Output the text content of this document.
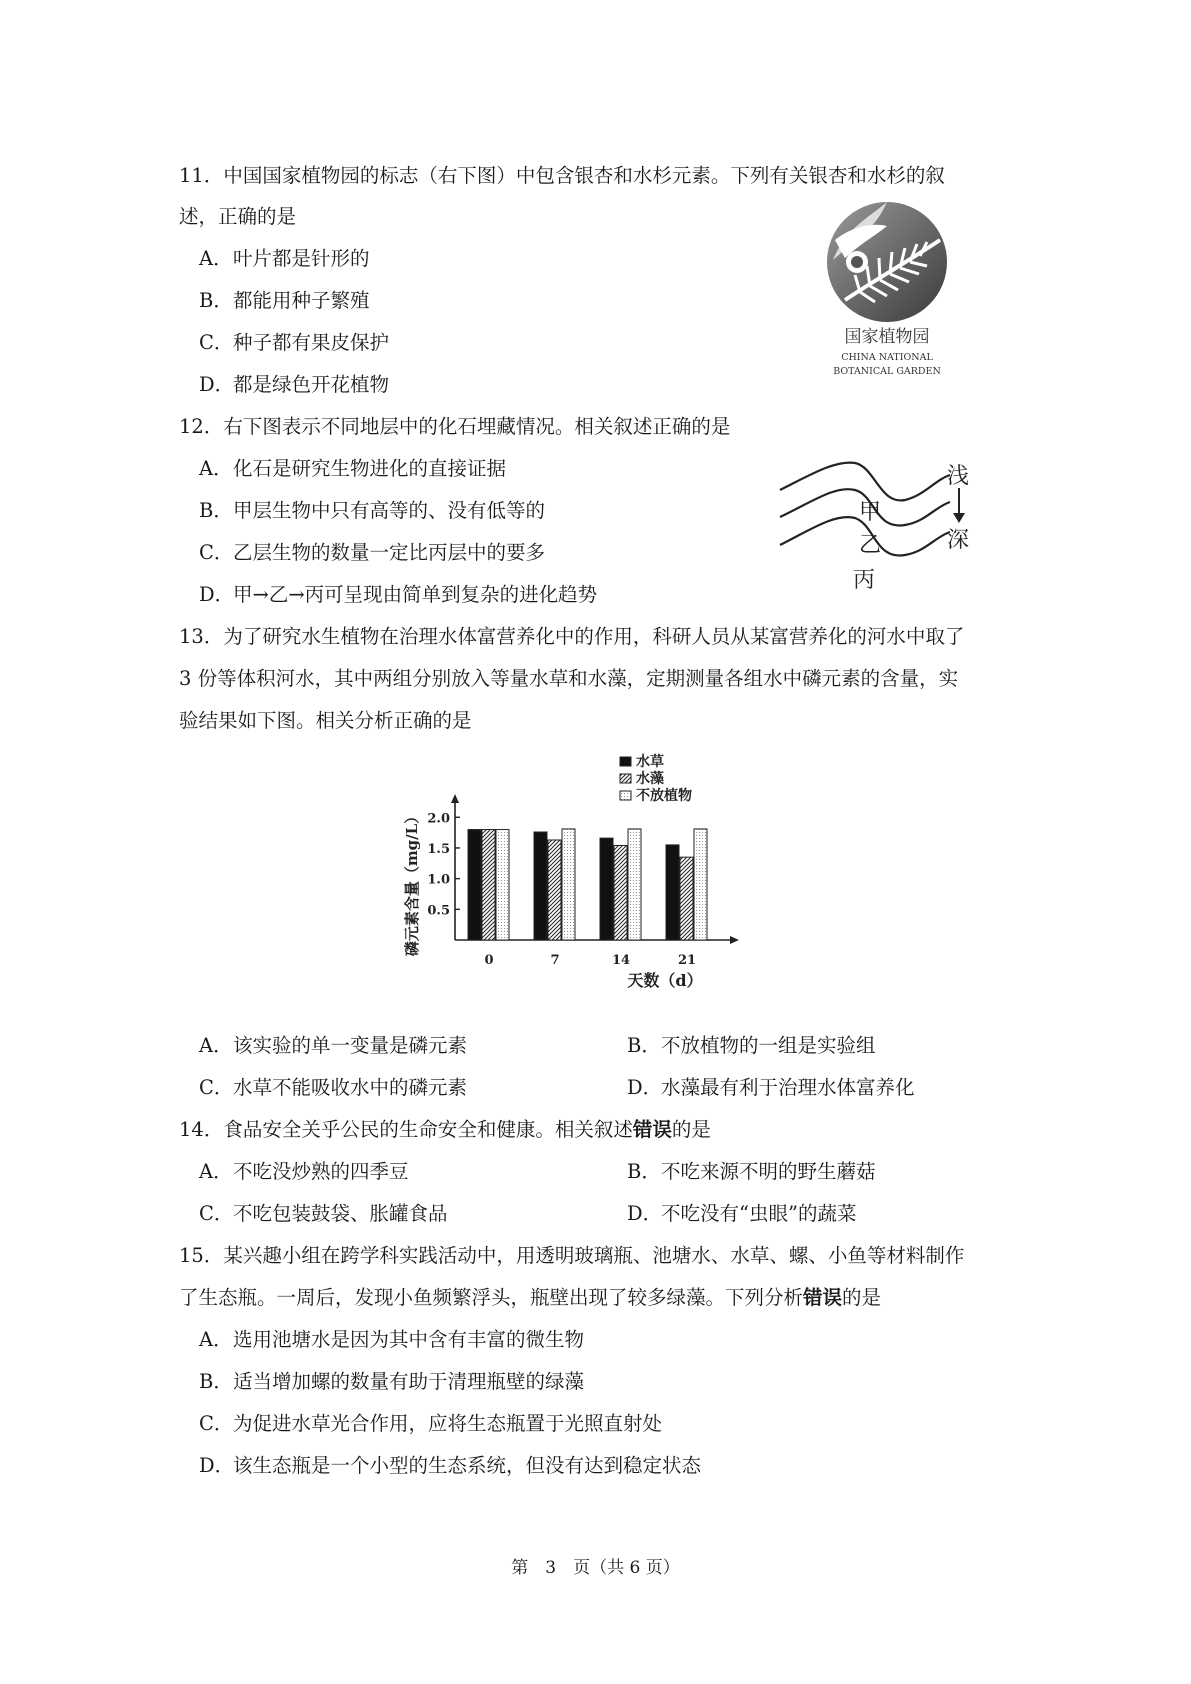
11．中国国家植物园的标志（右下图）中包含银杏和水杉元素。下列有关银杏和水杉的叙
述，正确的是
A．叶片都是针形的
B．都能用种子繁殖
C．种子都有果皮保护
D．都是绿色开花植物
国家植物园
CHINA NATIONAL
BOTANICAL GARDEN
12．右下图表示不同地层中的化石埋藏情况。相关叙述正确的是
A．化石是研究生物进化的直接证据
B．甲层生物中只有高等的、没有低等的
C．乙层生物的数量一定比丙层中的要多
D．甲→乙→丙可呈现由简单到复杂的进化趋势
甲
乙
丙
浅
深
13．为了研究水生植物在治理水体富营养化中的作用，科研人员从某富营养化的河水中取了
3 份等体积河水，其中两组分别放入等量水草和水藻，定期测量各组水中磷元素的含量，实
验结果如下图。相关分析正确的是
水草
水藻
不放植物
0.5
1.0
1.5
2.0
0	7	14	21
天数（d）
磷元素含量（mg/L）
A．该实验的单一变量是磷元素	B．不放植物的一组是实验组
C．水草不能吸收水中的磷元素	D．水藻最有利于治理水体富养化
14．食品安全关乎公民的生命安全和健康。相关叙述错误的是
A．不吃没炒熟的四季豆	B．不吃来源不明的野生蘑菇
C．不吃包装鼓袋、胀罐食品	D．不吃没有“虫眼”的蔬菜
15．某兴趣小组在跨学科实践活动中，用透明玻璃瓶、池塘水、水草、螺、小鱼等材料制作
了生态瓶。一周后，发现小鱼频繁浮头，瓶壁出现了较多绿藻。下列分析错误的是
A．选用池塘水是因为其中含有丰富的微生物
B．适当增加螺的数量有助于清理瓶壁的绿藻
C．为促进水草光合作用，应将生态瓶置于光照直射处
D．该生态瓶是一个小型的生态系统，但没有达到稳定状态
第　3　页（共 6 页）
